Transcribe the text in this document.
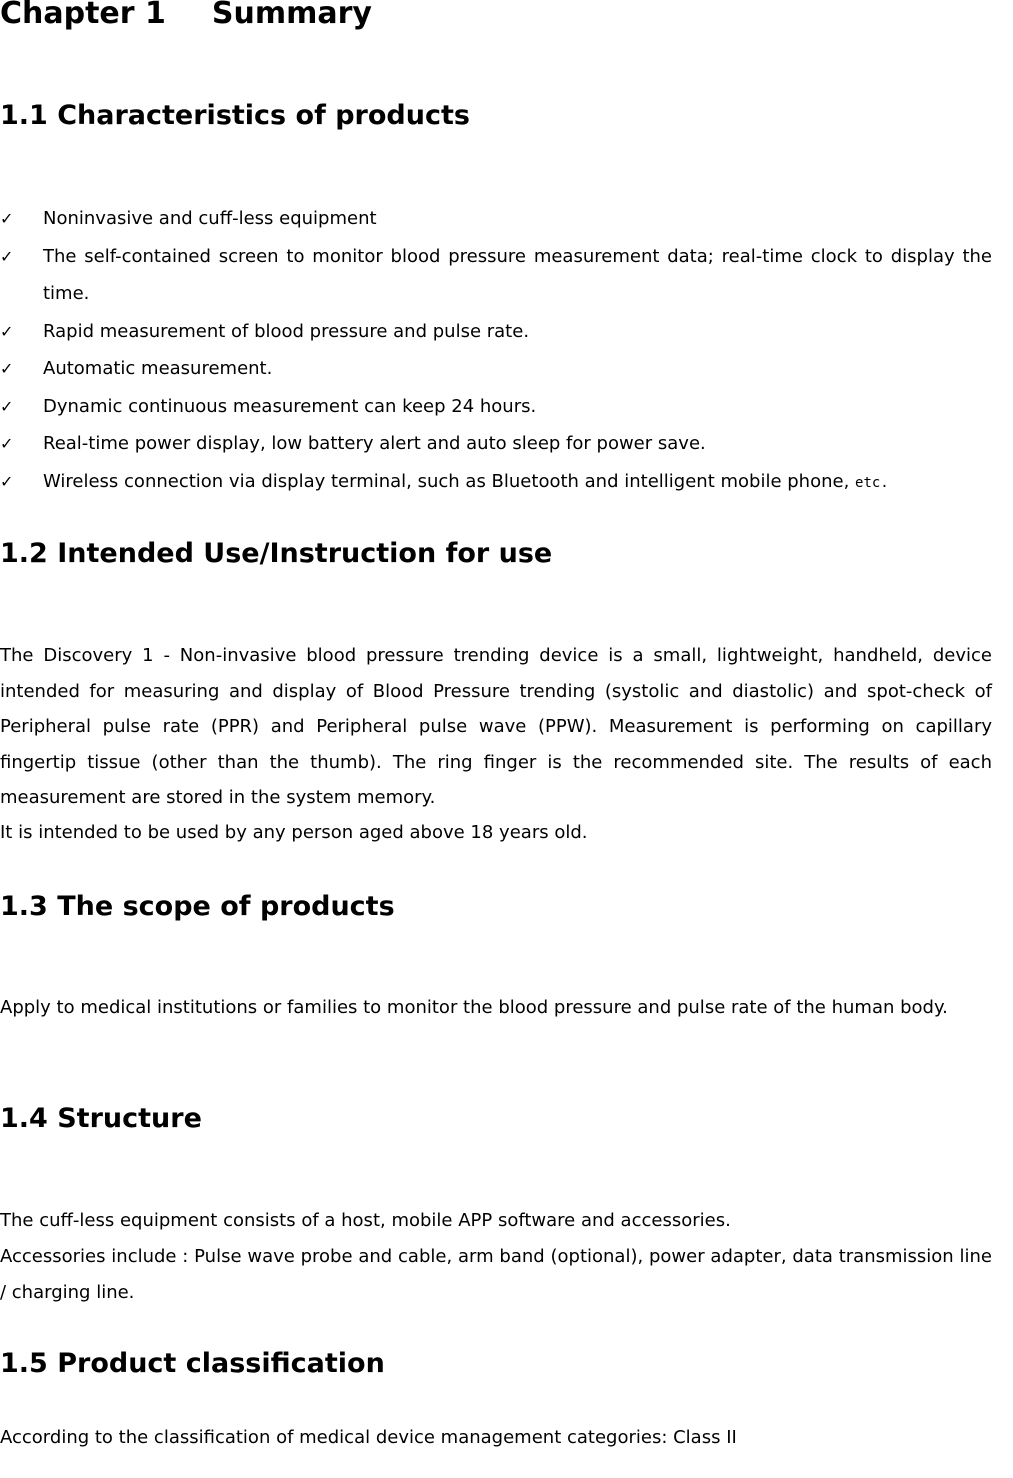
Chapter 1 Summary
1.1 Characteristics of products
✓ Noninvasive and cuff-less equipment
✓ The self-contained screen to monitor blood pressure measurement data; real-time clock to display the time.
✓ Rapid measurement of blood pressure and pulse rate.
✓ Automatic measurement.
✓ Dynamic continuous measurement can keep 24 hours.
✓ Real-time power display, low battery alert and auto sleep for power save.
✓ Wireless connection via display terminal, such as Bluetooth and intelligent mobile phone, etc.
1.2 Intended Use/Instruction for use

The Discovery 1 - Non-invasive blood pressure trending device is a small, lightweight, handheld, device intended for measuring and display of Blood Pressure trending (systolic and diastolic) and spot-check of Peripheral pulse rate (PPR) and Peripheral pulse wave (PPW). Measurement is performing on capillary fingertip tissue (other than the thumb). The ring finger is the recommended site. The results of each measurement are stored in the system memory.

It is intended to be used by any person aged above 18 years old.

1.3 The scope of products

Apply to medical institutions or families to monitor the blood pressure and pulse rate of the human body.

1.4 Structure

The cuff-less equipment consists of a host, mobile APP software and accessories.

Accessories include : Pulse wave probe and cable, arm band (optional), power adapter, data transmission line / charging line.

1.5 Product classification

According to the classification of medical device management categories: Class II
